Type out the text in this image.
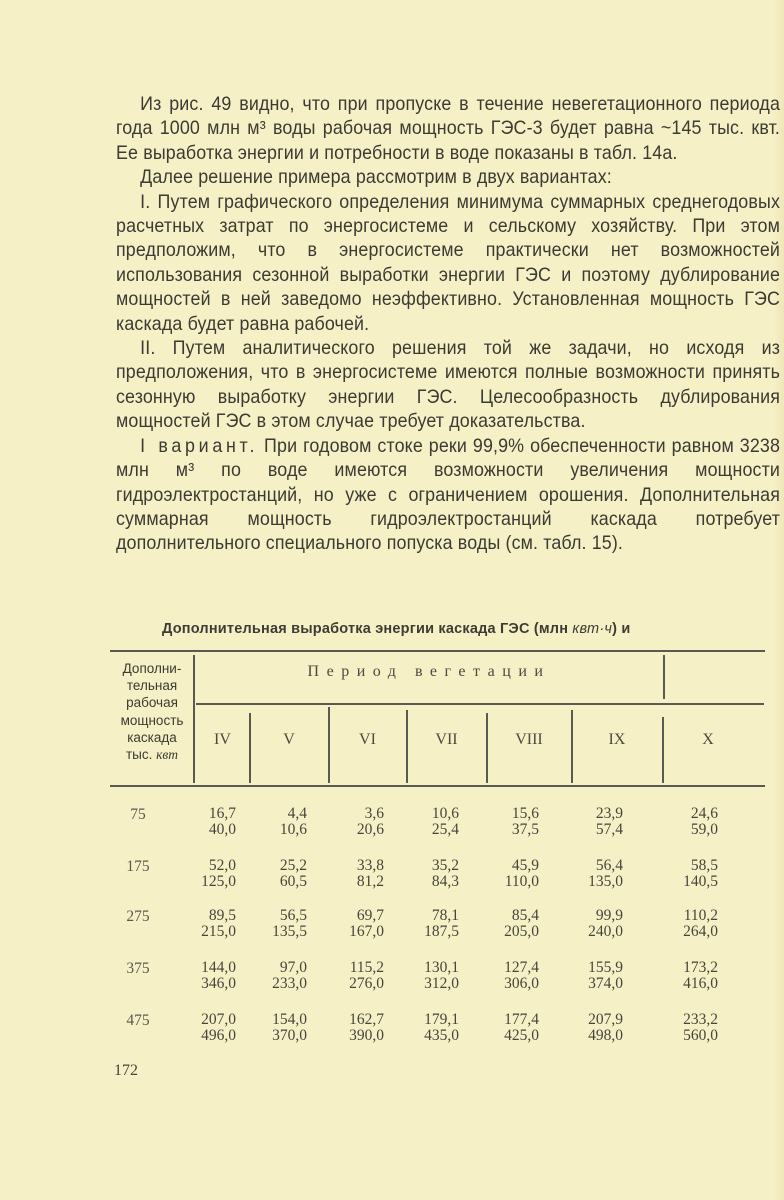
Из рис. 49 видно, что при пропуске в течение невегетационного периода года 1000 млн м³ воды рабочая мощность ГЭС-3 будет равна ~145 тыс. квт. Ее выработка энергии и потребности в воде показаны в табл. 14а.

Далее решение примера рассмотрим в двух вариантах:

I. Путем графического определения минимума суммарных среднегодовых расчетных затрат по энергосистеме и сельскому хозяйству. При этом предположим, что в энергосистеме практически нет возможностей использования сезонной выработки энергии ГЭС и поэтому дублирование мощностей в ней заведомо неэффективно. Установленная мощность ГЭС каскада будет равна рабочей.

II. Путем аналитического решения той же задачи, но исходя из предположения, что в энергосистеме имеются полные возможности принять сезонную выработку энергии ГЭС. Целесообразность дублирования мощностей ГЭС в этом случае требует доказательства.

I вариант. При годовом стоке реки 99,9% обеспеченности равном 3238 млн м³ по воде имеются возможности увеличения мощности гидроэлектростанций, но уже с ограничением орошения. Дополнительная суммарная мощность гидроэлектростанций каскада потребует дополнительного специального попуска воды (см. табл. 15).

Дополнительная выработка энергии каскада ГЭС (млн квт·ч) и
Дополни-
тельная
рабочая
мощность
каскада
тыс. квт
Период вегетации
IV	V	VI	VII	VIII	IX	X
75	16,7	4,4	3,6	10,6	15,6	23,9	24,6
40,0	10,6	20,6	25,4	37,5	57,4	59,0
175	52,0	25,2	33,8	35,2	45,9	56,4	58,5
125,0	60,5	81,2	84,3	110,0	135,0	140,5
275	89,5	56,5	69,7	78,1	85,4	99,9	110,2
215,0	135,5	167,0	187,5	205,0	240,0	264,0
375	144,0	97,0	115,2	130,1	127,4	155,9	173,2
346,0	233,0	276,0	312,0	306,0	374,0	416,0
475	207,0	154,0	162,7	179,1	177,4	207,9	233,2
496,0	370,0	390,0	435,0	425,0	498,0	560,0
172
